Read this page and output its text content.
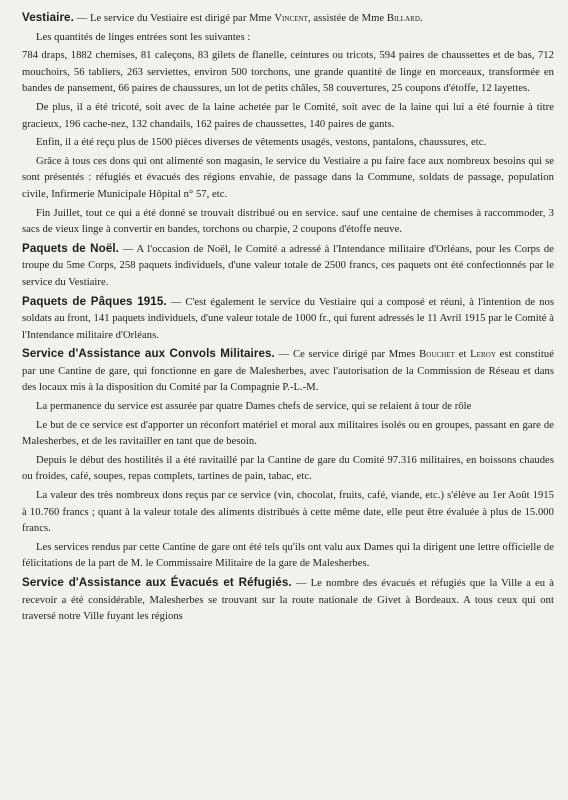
Vestiaire. — Le service du Vestiaire est dirigé par Mme Vincent, assistée de Mme Billard.

Les quantités de linges entrées sont les suivantes :

784 draps, 1882 chemises, 81 caleçons, 83 gilets de flanelle, ceintures ou tricots, 594 paires de chaussettes et de bas, 712 mouchoirs, 56 tabliers, 263 serviettes, environ 500 torchons, une grande quantité de linge en morceaux, transformée en bandes de pansement, 66 paires de chaussures, un lot de petits châles, 58 couvertures, 25 coupons d'étoffe, 12 layettes.

De plus, il a été tricoté, soit avec de la laine achetée par le Comité, soit avec de la laine qui lui a été fournie à titre gracieux, 196 cache-nez, 132 chandails, 162 paires de chaussettes, 140 paires de gants.

Enfin, il a été reçu plus de 1500 pièces diverses de vêtements usagés, vestons, pantalons, chaussures, etc.

Grâce à tous ces dons qui ont alimenté son magasin, le service du Vestiaire a pu faire face aux nombreux besoins qui se sont présentés : réfugiés et évacués des régions envahie, de passage dans la Commune, soldats de passage, population civile, Infirmerie Municipale Hôpital n° 57, etc.

Fin Juillet, tout ce qui a été donné se trouvait distribué ou en service. sauf une centaine de chemises à raccommoder, 3 sacs de vieux linge à convertir en bandes, torchons ou charpie, 2 coupons d'étoffe neuve.

Paquets de Noël. — A l'occasion de Noël, le Comité a adressé à l'Intendance militaire d'Orléans, pour les Corps de troupe du 5me Corps, 258 paquets individuels, d'une valeur totale de 2500 francs, ces paquets ont été confectionnés par le service du Vestiaire.

Paquets de Pâques 1915. — C'est également le service du Vestiaire qui a composé et réuni, à l'intention de nos soldats au front, 141 paquets individuels, d'une valeur totale de 1000 fr., qui furent adressés le 11 Avril 1915 par le Comité à l'Intendance militaire d'Orléans.

Service d'Assistance aux Convols Militaires. — Ce service dirigé par Mmes Bouchet et Leroy est constitué par une Cantine de gare, qui fonctionne en gare de Malesherbes, avec l'autorisation de la Commission de Réseau et dans des locaux mis à la disposition du Comité par la Compagnie P.-L.-M.

La permanence du service est assurée par quatre Dames chefs de service, qui se relaient à tour de rôle

Le but de ce service est d'apporter un réconfort matériel et moral aux militaires isolés ou en groupes, passant en gare de Malesherbes, et de les ravitailler en tant que de besoin.

Depuis le début des hostilités il a été ravitaillé par la Cantine de gare du Comité 97.316 militaires, en boissons chaudes ou froides, café, soupes, repas complets, tartines de pain, tabac, etc.

La valeur des très nombreux dons reçus par ce service (vin, chocolat, fruits, café, viande, etc.) s'élève au 1er Août 1915 à 10.760 francs ; quant à la valeur totale des aliments distribués à cette même date, elle peut être évaluée à plus de 15.000 francs.

Les services rendus par cette Cantine de gare ont été tels qu'ils ont valu aux Dames qui la dirigent une lettre officielle de félicitations de la part de M. le Commissaire Militaire de la gare de Malesherbes.

Service d'Assistance aux Évacués et Réfugiés. — Le nombre des évacués et réfugiés que la Ville a eu à recevoir a été considérable, Malesherbes se trouvant sur la route nationale de Givet à Bordeaux. A tous ceux qui ont traversé notre Ville fuyant les régions
